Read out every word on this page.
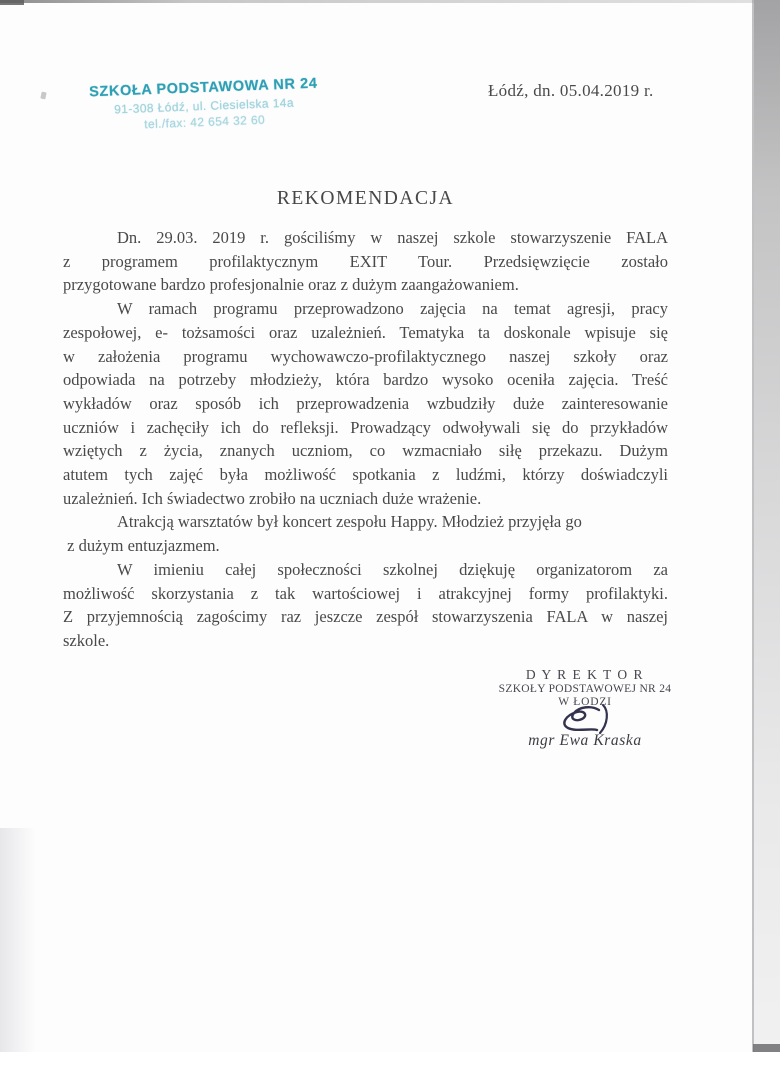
SZKOŁA PODSTAWOWA NR 24
91-308 Łódź, ul. Ciesielska 14a
tel./fax: 42 654 32 60
Łódź, dn. 05.04.2019 r.
REKOMENDACJA
Dn. 29.03. 2019 r. gościliśmy w naszej szkole stowarzyszenie FALA
z programem profilaktycznym EXIT Tour. Przedsięwzięcie zostało
przygotowane bardzo profesjonalnie oraz z dużym zaangażowaniem.
W ramach programu przeprowadzono zajęcia na temat agresji, pracy
zespołowej, e- tożsamości oraz uzależnień. Tematyka ta doskonale wpisuje się
w założenia programu wychowawczo-profilaktycznego naszej szkoły oraz
odpowiada na potrzeby młodzieży, która bardzo wysoko oceniła zajęcia. Treść
wykładów oraz sposób ich przeprowadzenia wzbudziły duże zainteresowanie
uczniów i zachęciły ich do refleksji. Prowadzący odwoływali się do przykładów
wziętych z życia, znanych uczniom, co wzmacniało siłę przekazu. Dużym
atutem tych zajęć była możliwość spotkania z ludźmi, którzy doświadczyli
uzależnień. Ich świadectwo zrobiło na uczniach duże wrażenie.
Atrakcją warsztatów był koncert zespołu Happy. Młodzież przyjęła go
z dużym entuzjazmem.
W imieniu całej społeczności szkolnej dziękuję organizatorom za
możliwość skorzystania z tak wartościowej i atrakcyjnej formy profilaktyki.
Z przyjemnością zagościmy raz jeszcze zespół stowarzyszenia FALA w naszej
szkole.
D Y R E K T O R
SZKOŁY PODSTAWOWEJ NR 24
W ŁODZI
mgr Ewa Kraska
